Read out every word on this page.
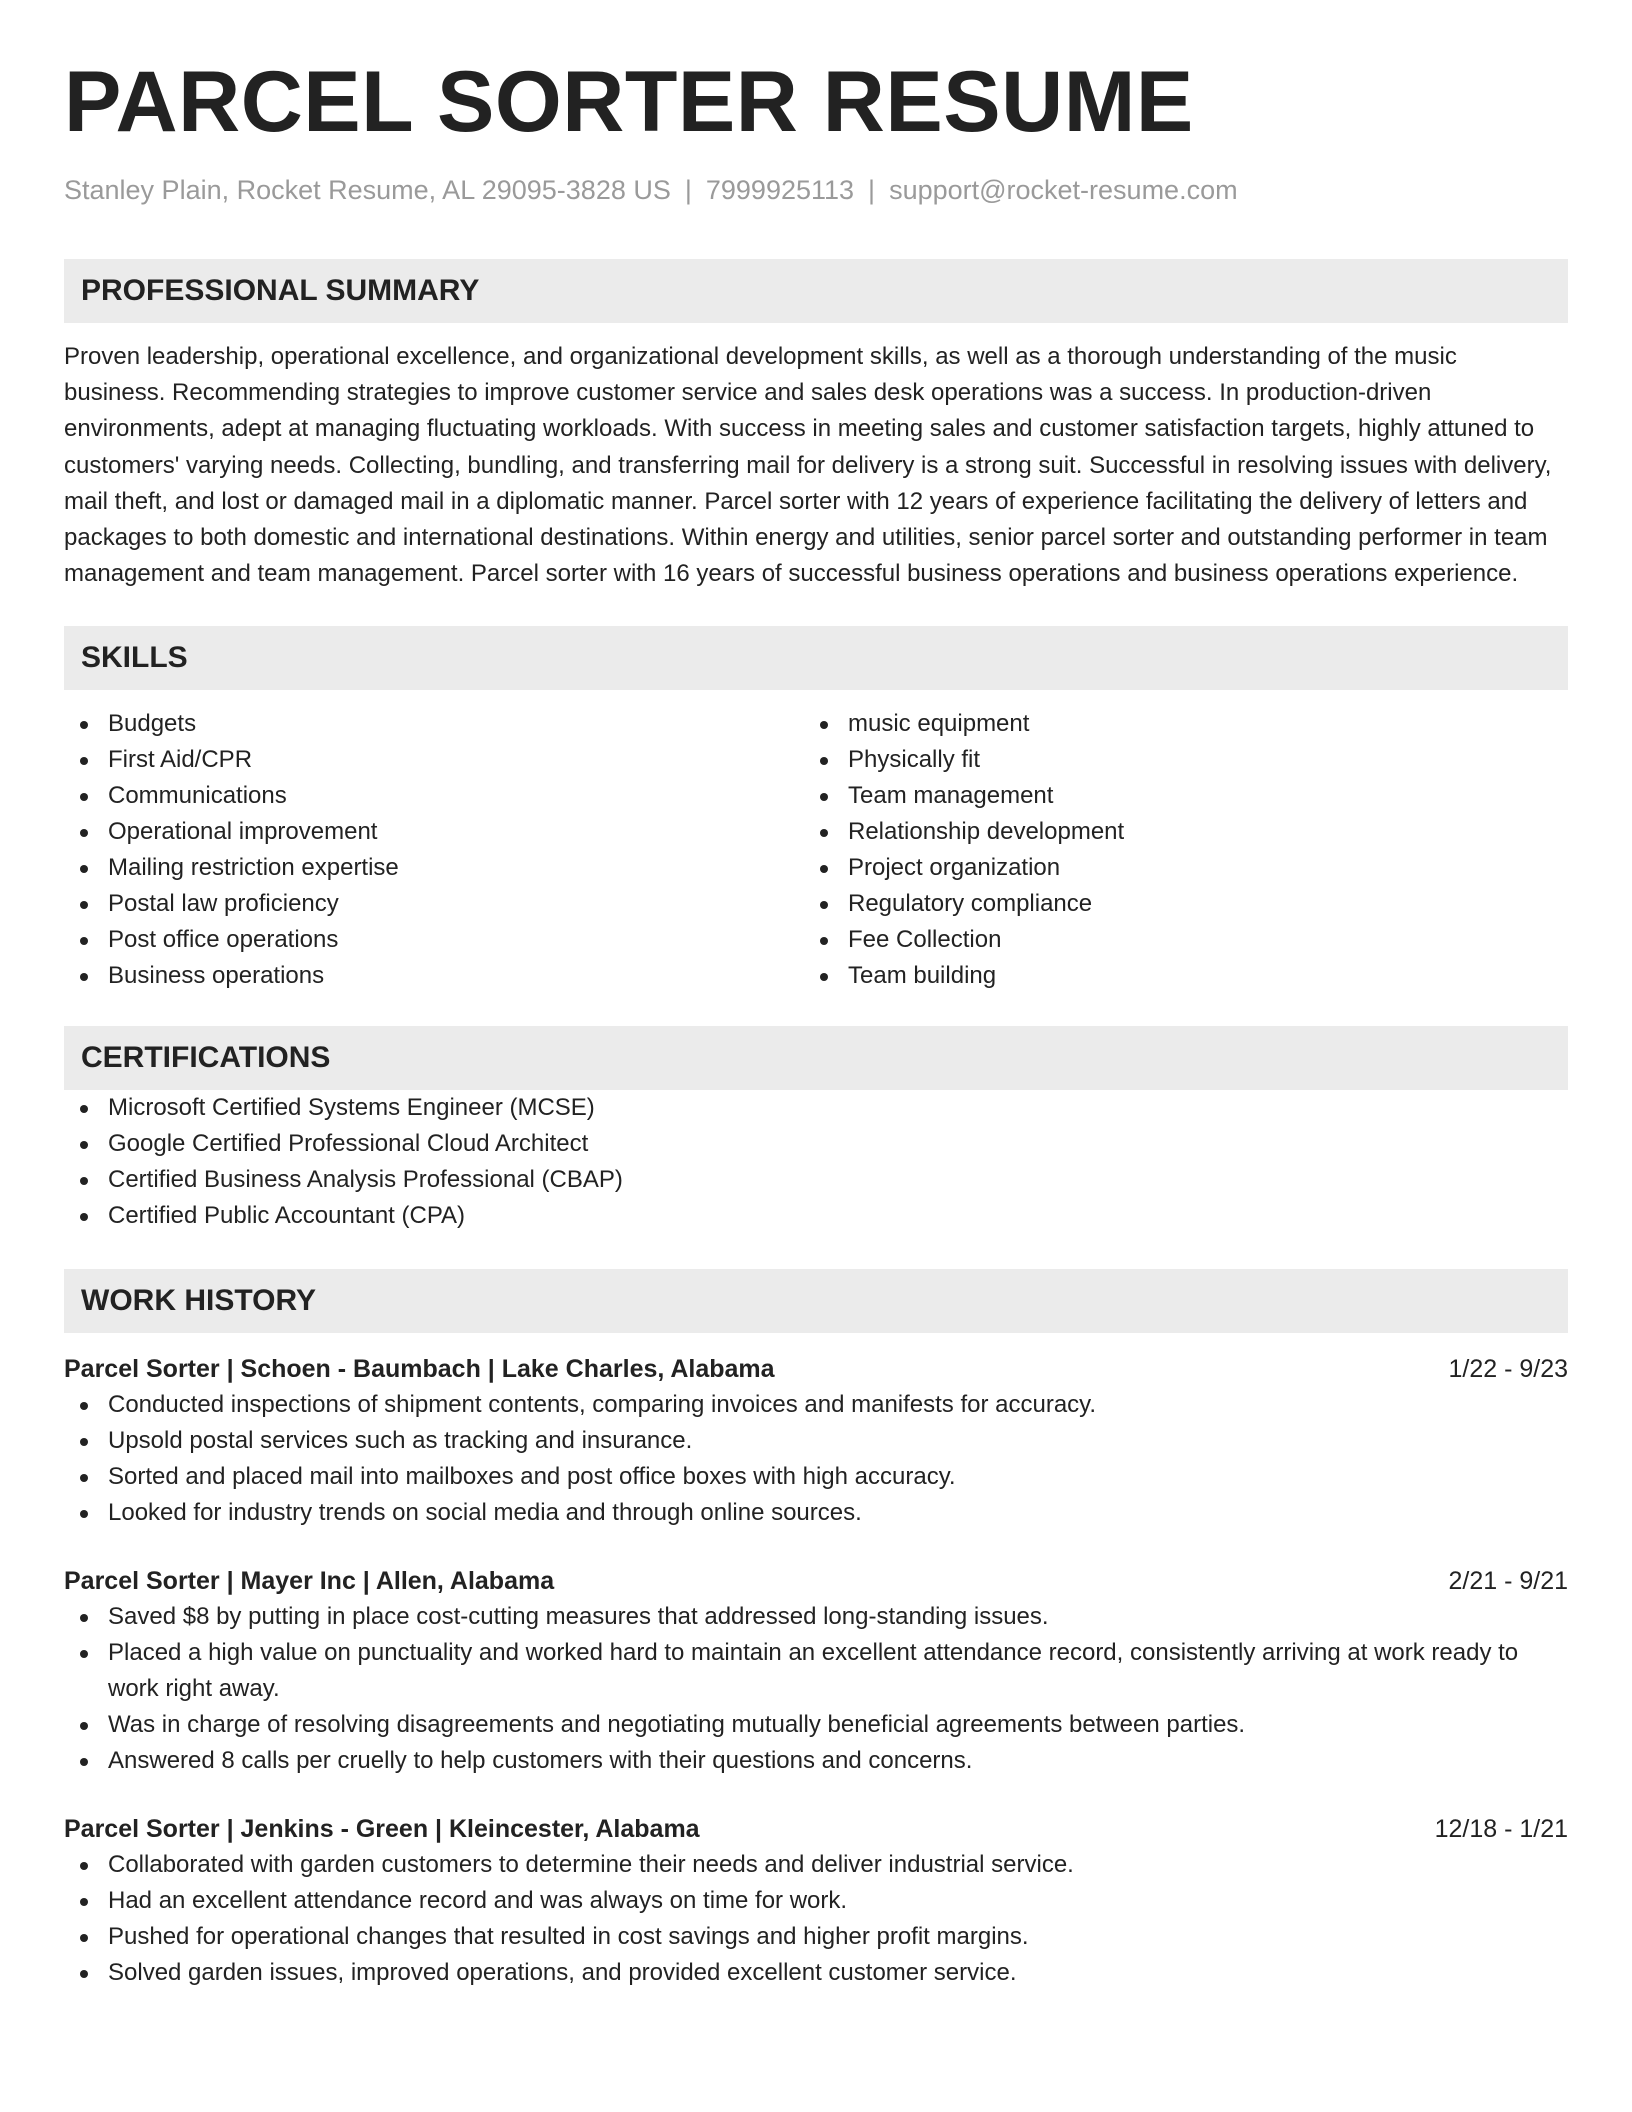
PARCEL SORTER RESUME
Stanley Plain, Rocket Resume, AL 29095-3828 US | 7999925113 | support@rocket-resume.com
PROFESSIONAL SUMMARY
Proven leadership, operational excellence, and organizational development skills, as well as a thorough understanding of the music business. Recommending strategies to improve customer service and sales desk operations was a success. In production-driven environments, adept at managing fluctuating workloads. With success in meeting sales and customer satisfaction targets, highly attuned to customers' varying needs. Collecting, bundling, and transferring mail for delivery is a strong suit. Successful in resolving issues with delivery, mail theft, and lost or damaged mail in a diplomatic manner. Parcel sorter with 12 years of experience facilitating the delivery of letters and packages to both domestic and international destinations. Within energy and utilities, senior parcel sorter and outstanding performer in team management and team management. Parcel sorter with 16 years of successful business operations and business operations experience.
SKILLS
Budgets
First Aid/CPR
Communications
Operational improvement
Mailing restriction expertise
Postal law proficiency
Post office operations
Business operations
music equipment
Physically fit
Team management
Relationship development
Project organization
Regulatory compliance
Fee Collection
Team building
CERTIFICATIONS
Microsoft Certified Systems Engineer (MCSE)
Google Certified Professional Cloud Architect
Certified Business Analysis Professional (CBAP)
Certified Public Accountant (CPA)
WORK HISTORY
Parcel Sorter | Schoen - Baumbach | Lake Charles, Alabama	1/22 - 9/23
Conducted inspections of shipment contents, comparing invoices and manifests for accuracy.
Upsold postal services such as tracking and insurance.
Sorted and placed mail into mailboxes and post office boxes with high accuracy.
Looked for industry trends on social media and through online sources.
Parcel Sorter | Mayer Inc | Allen, Alabama	2/21 - 9/21
Saved $8 by putting in place cost-cutting measures that addressed long-standing issues.
Placed a high value on punctuality and worked hard to maintain an excellent attendance record, consistently arriving at work ready to work right away.
Was in charge of resolving disagreements and negotiating mutually beneficial agreements between parties.
Answered 8 calls per cruelly to help customers with their questions and concerns.
Parcel Sorter | Jenkins - Green | Kleincester, Alabama	12/18 - 1/21
Collaborated with garden customers to determine their needs and deliver industrial service.
Had an excellent attendance record and was always on time for work.
Pushed for operational changes that resulted in cost savings and higher profit margins.
Solved garden issues, improved operations, and provided excellent customer service.
